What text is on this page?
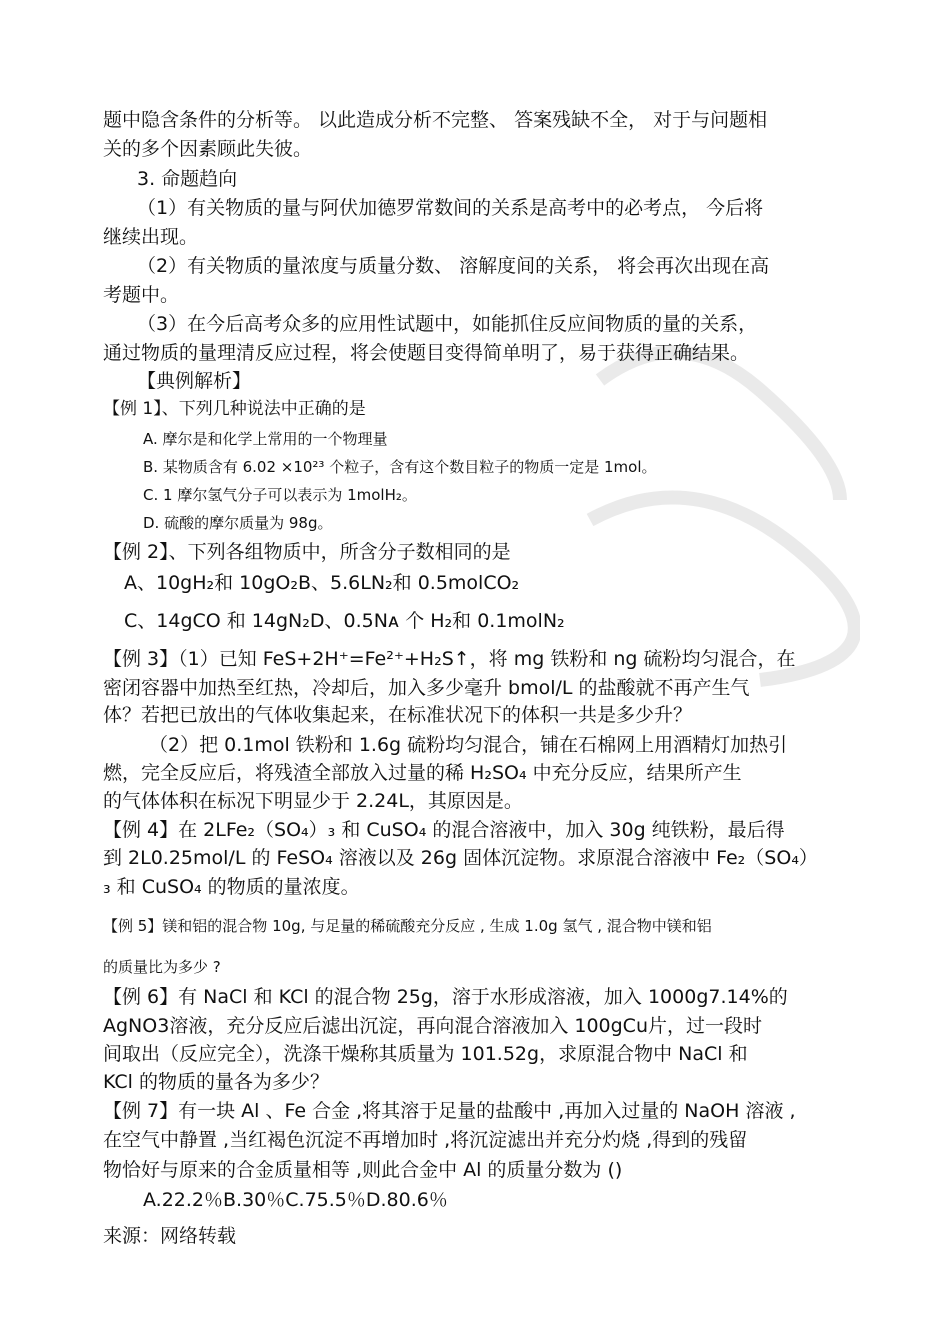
题中隐含条件的分析等。 以此造成分析不完整、 答案残缺不全， 对于与问题相
关的多个因素顾此失彼。
3. 命题趋向
（1）有关物质的量与阿伏加德罗常数间的关系是高考中的必考点， 今后将
继续出现。
（2）有关物质的量浓度与质量分数、 溶解度间的关系， 将会再次出现在高
考题中。
（3）在今后高考众多的应用性试题中，如能抓住反应间物质的量的关系，
通过物质的量理清反应过程，将会使题目变得简单明了，易于获得正确结果。
【典例解析】
【例 1】、下列几种说法中正确的是
A. 摩尔是和化学上常用的一个物理量
B. 某物质含有 6.02 ×10²³ 个粒子，含有这个数目粒子的物质一定是 1mol。
C. 1 摩尔氢气分子可以表示为 1molH₂。
D. 硫酸的摩尔质量为 98g。
【例 2】、下列各组物质中，所含分子数相同的是
A、10gH₂和 10gO₂B、5.6LN₂和 0.5molCO₂
C、14gCO 和 14gN₂D、0.5Nᴀ 个 H₂和 0.1molN₂
【例 3】（1）已知 FeS+2H⁺=Fe²⁺+H₂S↑，将 mg 铁粉和 ng 硫粉均匀混合，在
密闭容器中加热至红热，冷却后，加入多少毫升 bmol/L 的盐酸就不再产生气
体？若把已放出的气体收集起来，在标准状况下的体积一共是多少升？
（2）把 0.1mol 铁粉和 1.6g 硫粉均匀混合，铺在石棉网上用酒精灯加热引
燃，完全反应后，将残渣全部放入过量的稀 H₂SO₄ 中充分反应，结果所产生
的气体体积在标况下明显少于 2.24L，其原因是。
【例 4】在 2LFe₂（SO₄）₃ 和 CuSO₄ 的混合溶液中，加入 30g 纯铁粉，最后得
到 2L0.25mol/L 的 FeSO₄ 溶液以及 26g 固体沉淀物。求原混合溶液中 Fe₂（SO₄）
₃ 和 CuSO₄ 的物质的量浓度。
【例 5】镁和铝的混合物 10g, 与足量的稀硫酸充分反应 , 生成 1.0g 氢气 , 混合物中镁和铝
的质量比为多少 ?
【例 6】有 NaCl 和 KCl 的混合物 25g，溶于水形成溶液，加入 1000g7.14%的
AgNO3溶液，充分反应后滤出沉淀，再向混合溶液加入 100gCu片，过一段时
间取出（反应完全），洗涤干燥称其质量为 101.52g，求原混合物中 NaCl 和
KCl 的物质的量各为多少？
【例 7】有一块 Al 、Fe 合金 ,将其溶于足量的盐酸中 ,再加入过量的 NaOH 溶液 ,
在空气中静置 ,当红褐色沉淀不再增加时 ,将沉淀滤出并充分灼烧 ,得到的残留
物恰好与原来的合金质量相等 ,则此合金中 Al 的质量分数为 ()
A.22.2％B.30％C.75.5％D.80.6％
来源：网络转载
